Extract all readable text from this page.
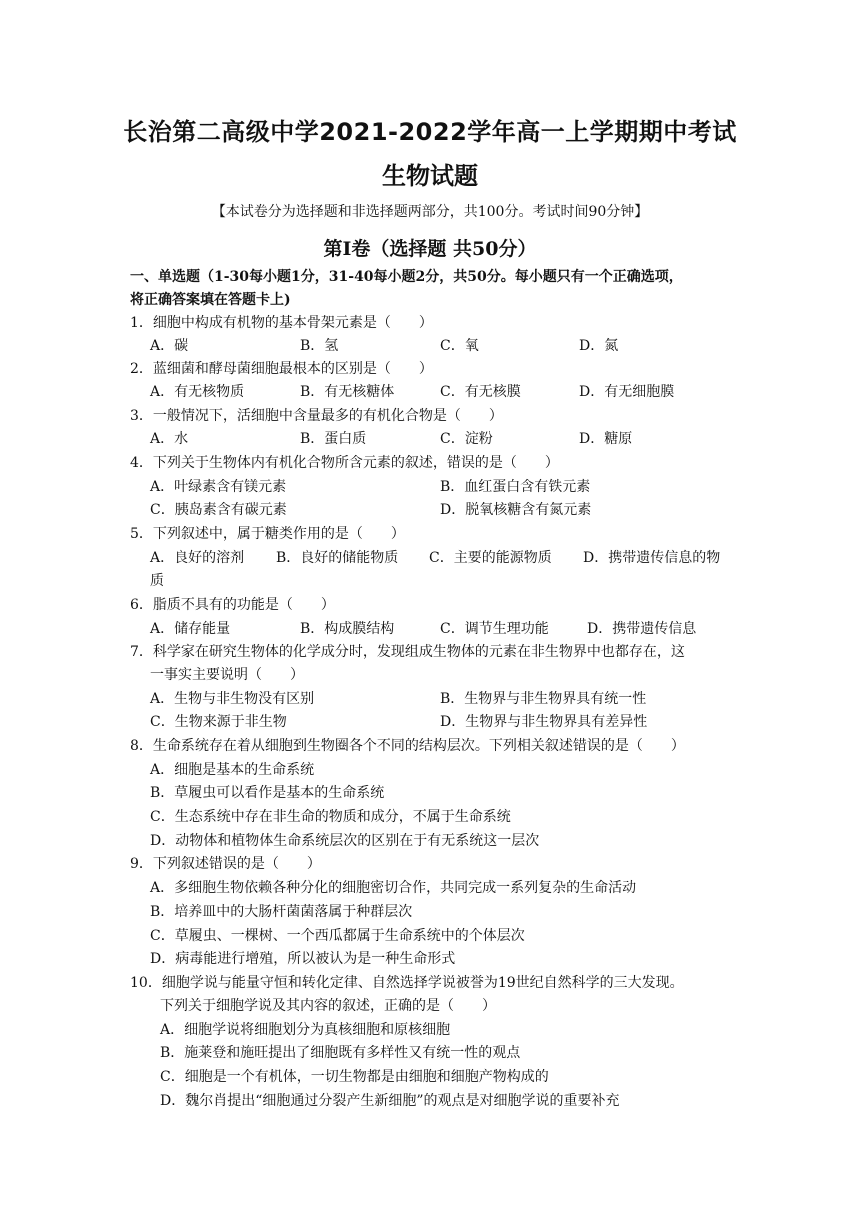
长治第二高级中学2021-2022学年高一上学期期中考试
生物试题
【本试卷分为选择题和非选择题两部分，共100分。考试时间90分钟】
第Ⅰ卷（选择题 共50分）
一、单选题（1-30每小题1分，31-40每小题2分，共50分。每小题只有一个正确选项，
将正确答案填在答题卡上)
1．细胞中构成有机物的基本骨架元素是（　　）
A．碳	B．氢	C．氧	D．氮
2．蓝细菌和酵母菌细胞最根本的区别是（　　）
A．有无核物质	B．有无核糖体	C．有无核膜	D．有无细胞膜
3．一般情况下，活细胞中含量最多的有机化合物是（　　）
A．水	B．蛋白质	C．淀粉	D．糖原
4．下列关于生物体内有机化合物所含元素的叙述，错误的是（　　）
A．叶绿素含有镁元素	B．血红蛋白含有铁元素
C．胰岛素含有碳元素	D．脱氧核糖含有氮元素
5．下列叙述中，属于糖类作用的是（　　）
A．良好的溶剂 B．良好的储能物质 C．主要的能源物质 D．携带遗传信息的物
质
6．脂质不具有的功能是（　　）
A．储存能量	B．构成膜结构	C．调节生理功能	D．携带遗传信息
7．科学家在研究生物体的化学成分时，发现组成生物体的元素在非生物界中也都存在，这
一事实主要说明（　　）
A．生物与非生物没有区别	B．生物界与非生物界具有统一性
C．生物来源于非生物	D．生物界与非生物界具有差异性
8．生命系统存在着从细胞到生物圈各个不同的结构层次。下列相关叙述错误的是（　　）
A．细胞是基本的生命系统
B．草履虫可以看作是基本的生命系统
C．生态系统中存在非生命的物质和成分，不属于生命系统
D．动物体和植物体生命系统层次的区别在于有无系统这一层次
9．下列叙述错误的是（　　）
A．多细胞生物依赖各种分化的细胞密切合作，共同完成一系列复杂的生命活动
B．培养皿中的大肠杆菌菌落属于种群层次
C．草履虫、一棵树、一个西瓜都属于生命系统中的个体层次
D．病毒能进行增殖，所以被认为是一种生命形式
10．细胞学说与能量守恒和转化定律、自然选择学说被誉为19世纪自然科学的三大发现。
下列关于细胞学说及其内容的叙述，正确的是（　　）
A．细胞学说将细胞划分为真核细胞和原核细胞
B．施莱登和施旺提出了细胞既有多样性又有统一性的观点
C．细胞是一个有机体，一切生物都是由细胞和细胞产物构成的
D．魏尔肖提出“细胞通过分裂产生新细胞”的观点是对细胞学说的重要补充
